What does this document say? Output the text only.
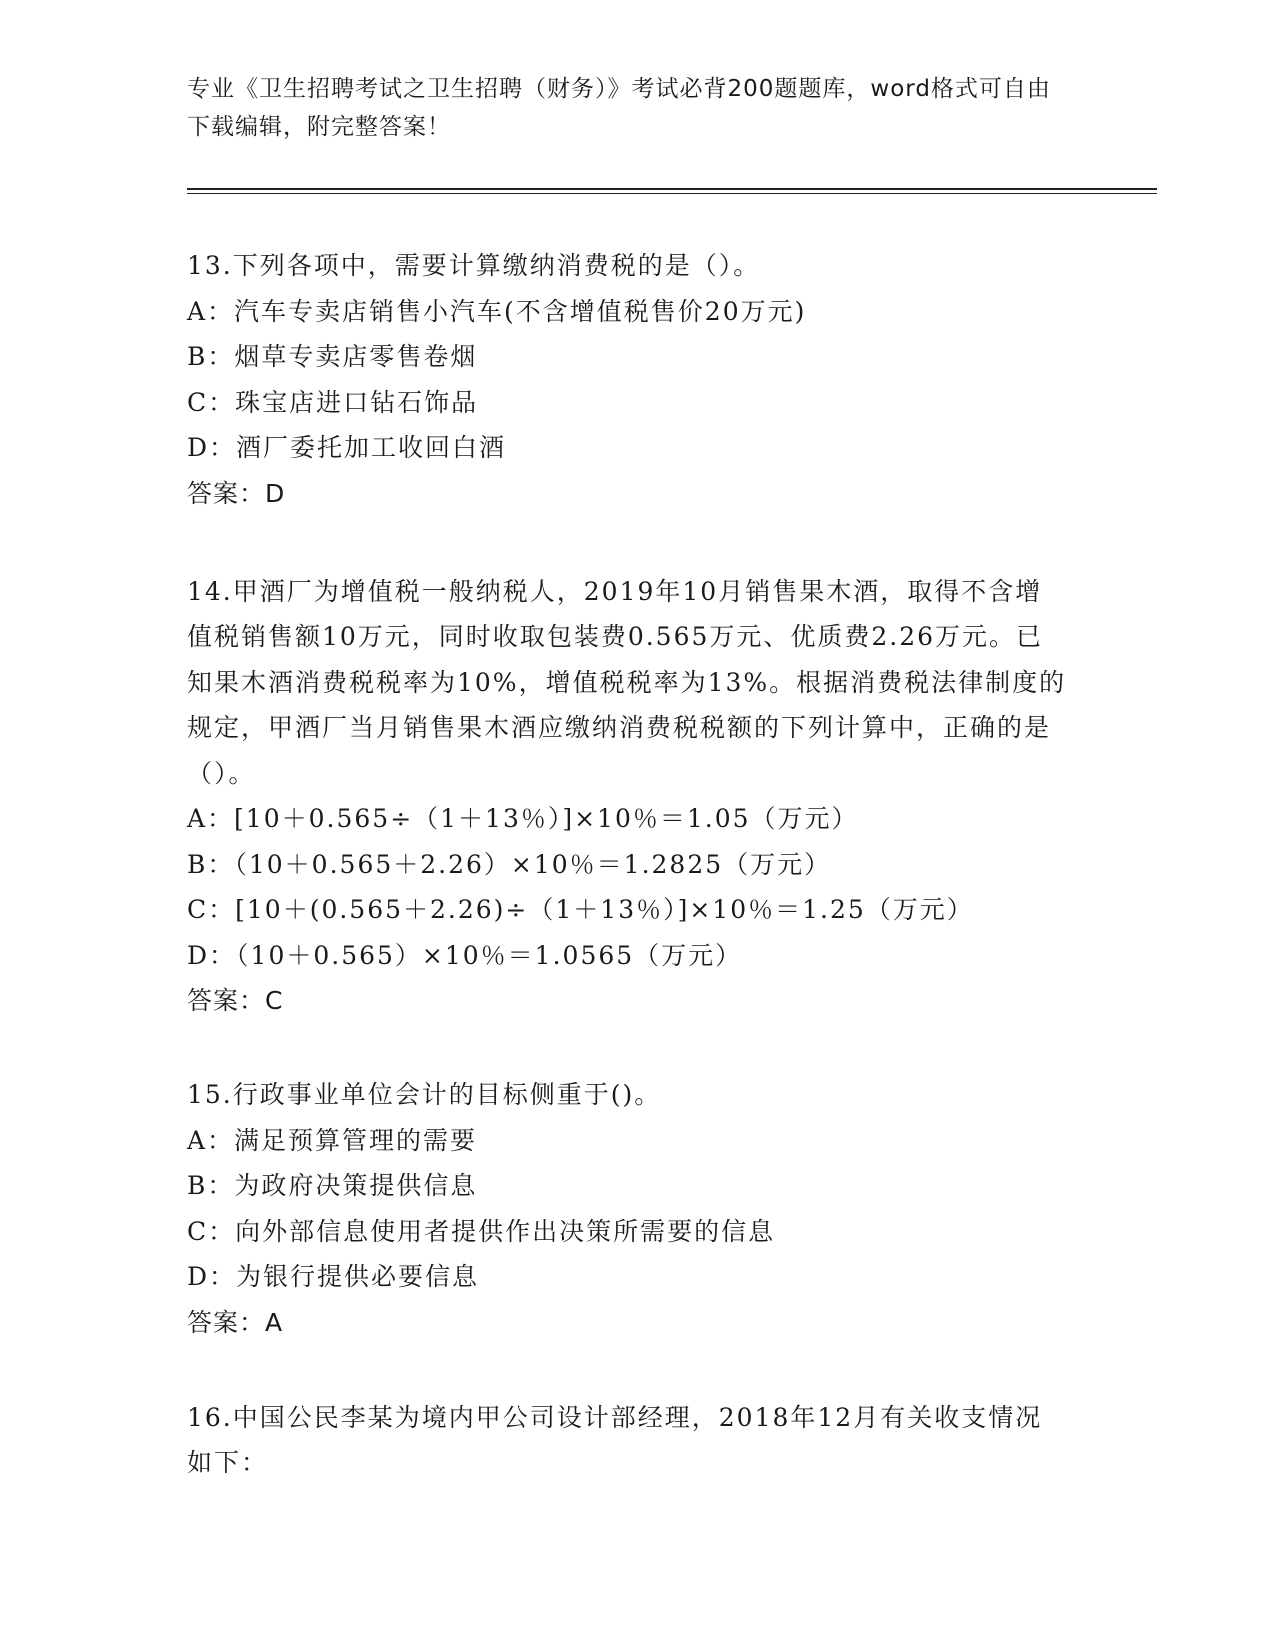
专业《卫生招聘考试之卫生招聘（财务）》考试必背200题题库，word格式可自由下载编辑，附完整答案！

13.下列各项中，需要计算缴纳消费税的是（）。

A：汽车专卖店销售小汽车(不含增值税售价20万元)

B：烟草专卖店零售卷烟

C：珠宝店进口钻石饰品

D：酒厂委托加工收回白酒

答案：D

14.甲酒厂为增值税一般纳税人，2019年10月销售果木酒，取得不含增值税销售额10万元，同时收取包装费0.565万元、优质费2.26万元。已知果木酒消费税税率为10%，增值税税率为13%。根据消费税法律制度的规定，甲酒厂当月销售果木酒应缴纳消费税税额的下列计算中，正确的是（）。

A：[10＋0.565÷（1＋13％）]×10％＝1.05（万元）

B：（10＋0.565＋2.26）×10％＝1.2825（万元）

C：[10＋(0.565＋2.26)÷（1＋13％）]×10％＝1.25（万元）

D：（10＋0.565）×10％＝1.0565（万元）

答案：C

15.行政事业单位会计的目标侧重于()。

A：满足预算管理的需要

B：为政府决策提供信息

C：向外部信息使用者提供作出决策所需要的信息

D：为银行提供必要信息

答案：A

16.中国公民李某为境内甲公司设计部经理，2018年12月有关收支情况如下：
